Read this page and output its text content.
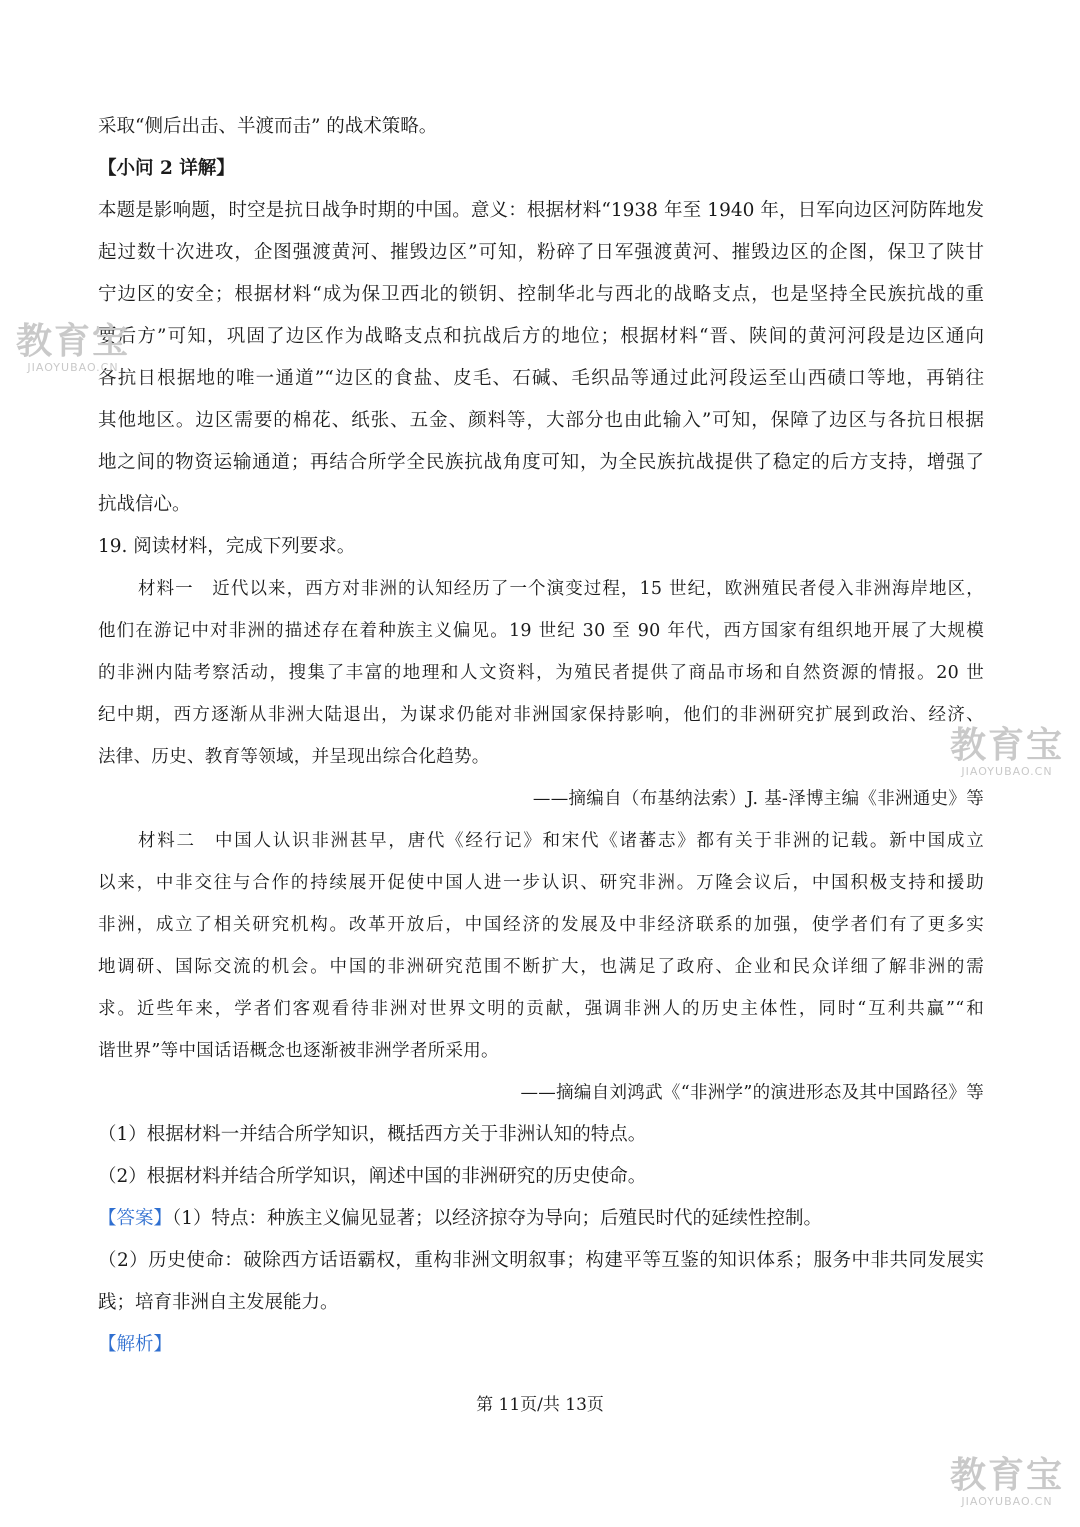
采取“侧后出击、半渡而击” 的战术策略。
【小问 2 详解】
本题是影响题，时空是抗日战争时期的中国。意义：根据材料“1938 年至 1940 年，日军向边区河防阵地发
起过数十次进攻，企图强渡黄河、摧毁边区”可知，粉碎了日军强渡黄河、摧毁边区的企图，保卫了陕甘
宁边区的安全；根据材料“成为保卫西北的锁钥、控制华北与西北的战略支点，也是坚持全民族抗战的重
要后方”可知，巩固了边区作为战略支点和抗战后方的地位；根据材料“晋、陕间的黄河河段是边区通向
各抗日根据地的唯一通道”“边区的食盐、皮毛、石碱、毛织品等通过此河段运至山西碛口等地，再销往
其他地区。边区需要的棉花、纸张、五金、颜料等，大部分也由此输入”可知，保障了边区与各抗日根据
地之间的物资运输通道；再结合所学全民族抗战角度可知，为全民族抗战提供了稳定的后方支持，增强了
抗战信心。
19. 阅读材料，完成下列要求。
材料一　近代以来，西方对非洲的认知经历了一个演变过程，15 世纪，欧洲殖民者侵入非洲海岸地区，
他们在游记中对非洲的描述存在着种族主义偏见。19 世纪 30 至 90 年代，西方国家有组织地开展了大规模
的非洲内陆考察活动，搜集了丰富的地理和人文资料，为殖民者提供了商品市场和自然资源的情报。20 世
纪中期，西方逐渐从非洲大陆退出，为谋求仍能对非洲国家保持影响，他们的非洲研究扩展到政治、经济、
法律、历史、教育等领域，并呈现出综合化趋势。
——摘编自（布基纳法索）J. 基-泽博主编《非洲通史》等
材料二　中国人认识非洲甚早，唐代《经行记》和宋代《诸蕃志》都有关于非洲的记载。新中国成立
以来，中非交往与合作的持续展开促使中国人进一步认识、研究非洲。万隆会议后，中国积极支持和援助
非洲，成立了相关研究机构。改革开放后，中国经济的发展及中非经济联系的加强，使学者们有了更多实
地调研、国际交流的机会。中国的非洲研究范围不断扩大，也满足了政府、企业和民众详细了解非洲的需
求。近些年来，学者们客观看待非洲对世界文明的贡献，强调非洲人的历史主体性，同时“互利共赢”“和
谐世界”等中国话语概念也逐渐被非洲学者所采用。
——摘编自刘鸿武《“非洲学”的演进形态及其中国路径》等
（1）根据材料一并结合所学知识，概括西方关于非洲认知的特点。
（2）根据材料并结合所学知识，阐述中国的非洲研究的历史使命。
【答案】（1）特点：种族主义偏见显著；以经济掠夺为导向；后殖民时代的延续性控制。
（2）历史使命：破除西方话语霸权，重构非洲文明叙事；构建平等互鉴的知识体系；服务中非共同发展实
践；培育非洲自主发展能力。
【解析】
第 11页/共 13页
教育宝
JIAOYUBAO.CN
教育宝
JIAOYUBAO.CN
教育宝
JIAOYUBAO.CN
